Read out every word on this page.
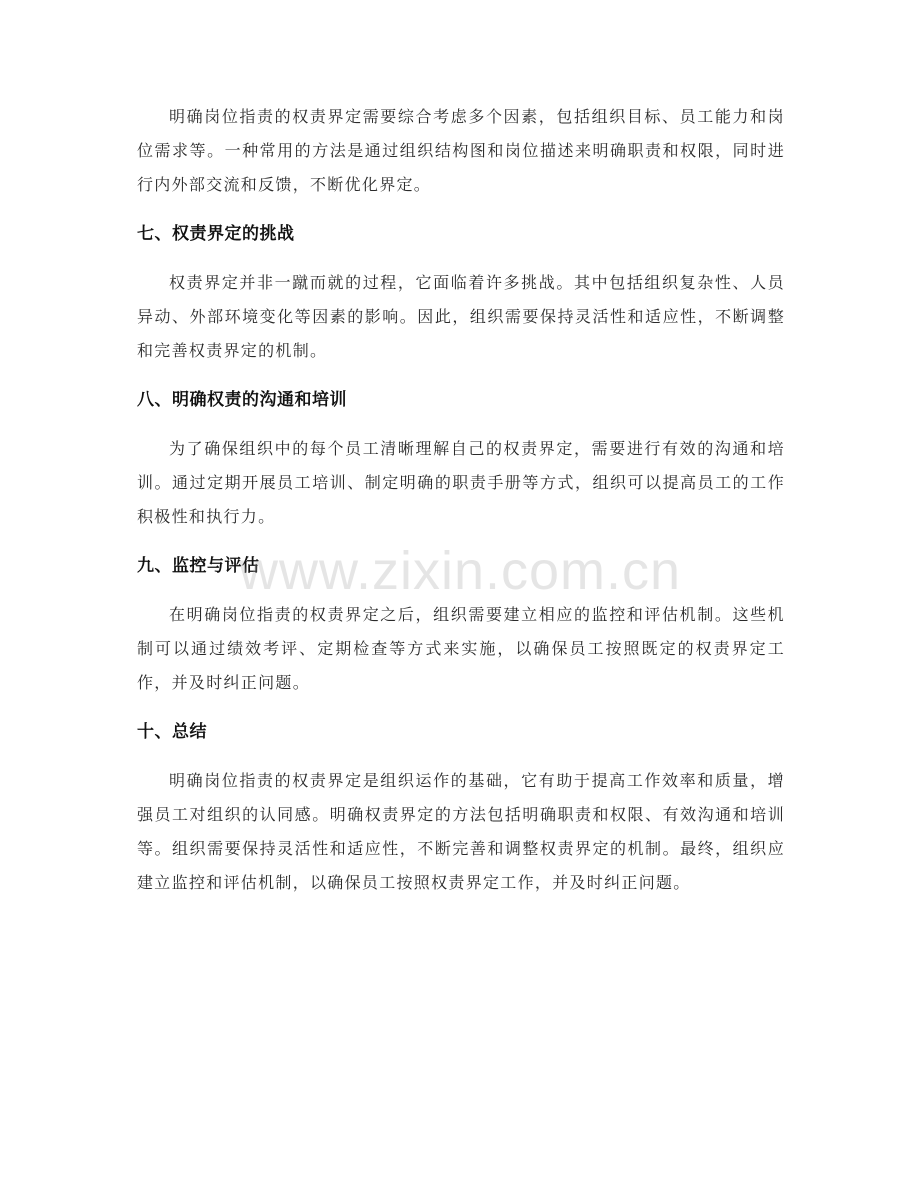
明确岗位指责的权责界定需要综合考虑多个因素，包括组织目标、员工能力和岗位需求等。一种常用的方法是通过组织结构图和岗位描述来明确职责和权限，同时进行内外部交流和反馈，不断优化界定。

七、权责界定的挑战

权责界定并非一蹴而就的过程，它面临着许多挑战。其中包括组织复杂性、人员异动、外部环境变化等因素的影响。因此，组织需要保持灵活性和适应性，不断调整和完善权责界定的机制。

八、明确权责的沟通和培训

为了确保组织中的每个员工清晰理解自己的权责界定，需要进行有效的沟通和培训。通过定期开展员工培训、制定明确的职责手册等方式，组织可以提高员工的工作积极性和执行力。

九、监控与评估

在明确岗位指责的权责界定之后，组织需要建立相应的监控和评估机制。这些机制可以通过绩效考评、定期检查等方式来实施，以确保员工按照既定的权责界定工作，并及时纠正问题。

十、总结

明确岗位指责的权责界定是组织运作的基础，它有助于提高工作效率和质量，增强员工对组织的认同感。明确权责界定的方法包括明确职责和权限、有效沟通和培训等。组织需要保持灵活性和适应性，不断完善和调整权责界定的机制。最终，组织应建立监控和评估机制，以确保员工按照权责界定工作，并及时纠正问题。

www.zixin.com.cn
